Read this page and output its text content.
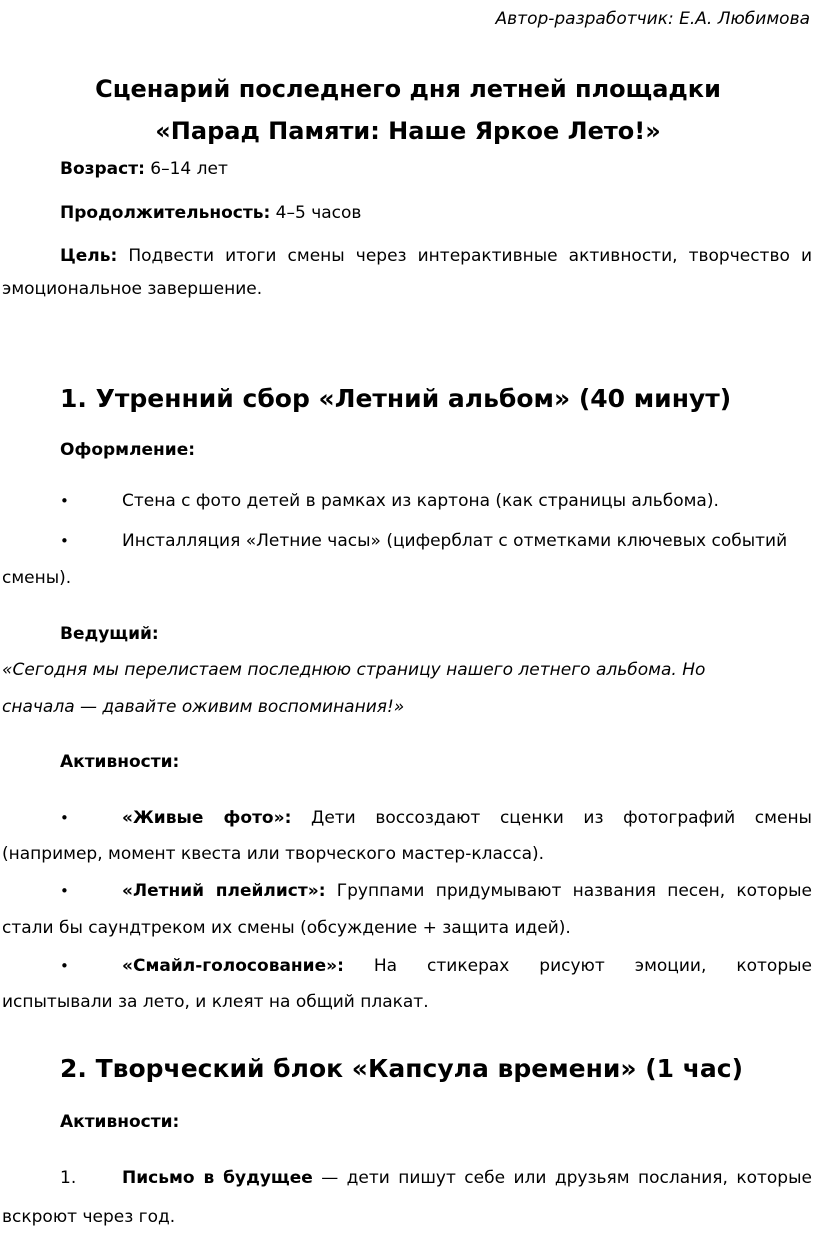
Автор-разработчик: Е.А. Любимова
Сценарий последнего дня летней площадки
«Парад Памяти: Наше Яркое Лето!»
Возраст: 6–14 лет
Продолжительность: 4–5 часов
Цель: Подвести итоги смены через интерактивные активности, творчество и
эмоциональное завершение.
1. Утренний сбор «Летний альбом» (40 минут)
Оформление:
•	Стена с фото детей в рамках из картона (как страницы альбома).
•	Инсталляция «Летние часы» (циферблат с отметками ключевых событий
смены).
Ведущий:
«Сегодня мы перелистаем последнюю страницу нашего летнего альбома. Но
сначала — давайте оживим воспоминания!»
Активности:
•	«Живые фото»: Дети воссоздают сценки из фотографий смены
(например, момент квеста или творческого мастер-класса).
•	«Летний плейлист»: Группами придумывают названия песен, которые
стали бы саундтреком их смены (обсуждение + защита идей).
•	«Смайл-голосование»: На стикерах рисуют эмоции, которые
испытывали за лето, и клеят на общий плакат.
2. Творческий блок «Капсула времени» (1 час)
Активности:
1.	Письмо в будущее — дети пишут себе или друзьям послания, которые
вскроют через год.
